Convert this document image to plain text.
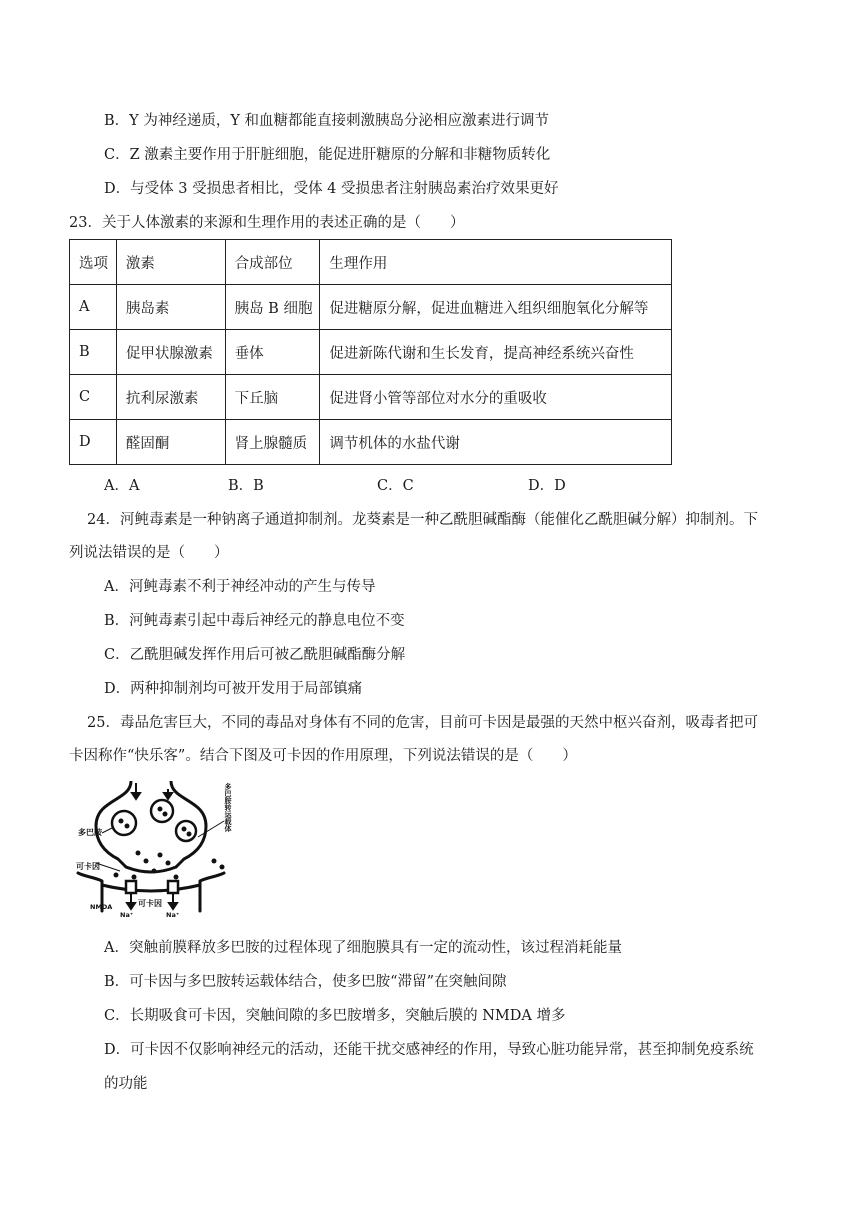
B．Y 为神经递质，Y 和血糖都能直接刺激胰岛分泌相应激素进行调节
C．Z 激素主要作用于肝脏细胞，能促进肝糖原的分解和非糖物质转化
D．与受体 3 受损患者相比，受体 4 受损患者注射胰岛素治疗效果更好
23．关于人体激素的来源和生理作用的表述正确的是（　　）
选项	激素	合成部位	生理作用
A	胰岛素	胰岛 B 细胞	促进糖原分解，促进血糖进入组织细胞氧化分解等
B	促甲状腺激素	垂体	促进新陈代谢和生长发育，提高神经系统兴奋性
C	抗利尿激素	下丘脑	促进肾小管等部位对水分的重吸收
D	醛固酮	肾上腺髓质	调节机体的水盐代谢
A．A	B．B	C．C	D．D
24．河鲀毒素是一种钠离子通道抑制剂。龙葵素是一种乙酰胆碱酯酶（能催化乙酰胆碱分解）抑制剂。下
列说法错误的是（　　）
A．河鲀毒素不利于神经冲动的产生与传导
B．河鲀毒素引起中毒后神经元的静息电位不变
C．乙酰胆碱发挥作用后可被乙酰胆碱酯酶分解
D．两种抑制剂均可被开发用于局部镇痛
25．毒品危害巨大，不同的毒品对身体有不同的危害，目前可卡因是最强的天然中枢兴奋剂，吸毒者把可
卡因称作“快乐客”。结合下图及可卡因的作用原理，下列说法错误的是（　　）
多巴胺
可卡因
可卡因
NMDA
Na⁺	Na⁺
多巴胺转运载体
A．突触前膜释放多巴胺的过程体现了细胞膜具有一定的流动性，该过程消耗能量
B．可卡因与多巴胺转运载体结合，使多巴胺“滞留”在突触间隙
C．长期吸食可卡因，突触间隙的多巴胺增多，突触后膜的 NMDA 增多
D．可卡因不仅影响神经元的活动，还能干扰交感神经的作用，导致心脏功能异常，甚至抑制免疫系统
的功能
